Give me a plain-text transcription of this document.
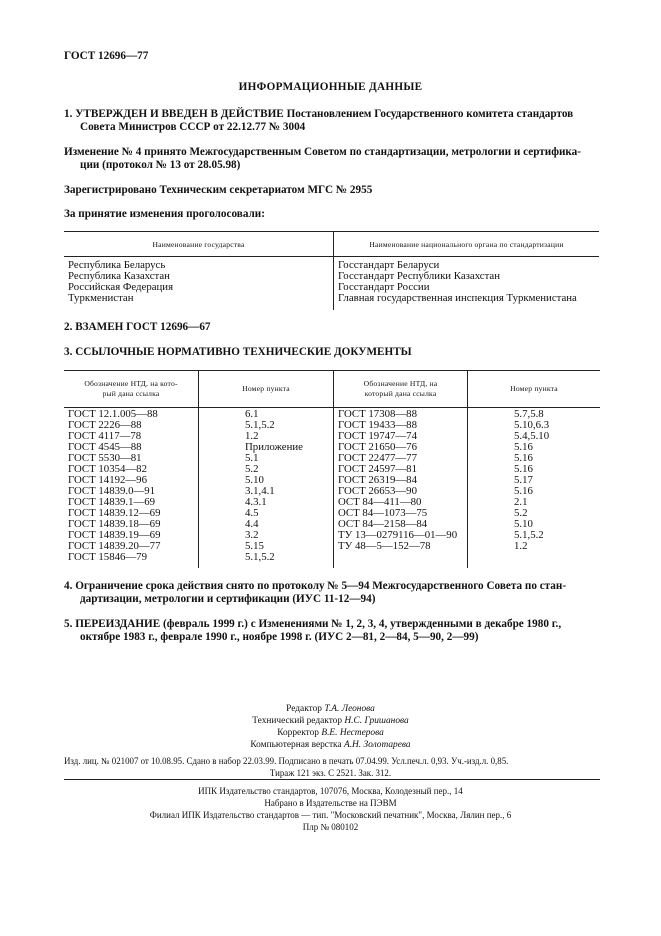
ГОСТ 12696—77
ИНФОРМАЦИОННЫЕ ДАННЫЕ
1. УТВЕРЖДЕН И ВВЕДЕН В ДЕЙСТВИЕ Постановлением Государственного комитета стандартов
Совета Министров СССР от 22.12.77 № 3004
Изменение № 4 принято Межгосударственным Советом по стандартизации, метрологии и сертифика-
ции (протокол № 13 от 28.05.98)
Зарегистрировано Техническим секретариатом МГС № 2955
За принятие изменения проголосовали:
Наименование государства	Наименование национального органа по стандартизации
Республика Беларусь
Республика Казахстан
Российская Федерация
Туркменистан
Госстандарт Беларуси
Госстандарт Республики Казахстан
Госстандарт России
Главная государственная инспекция Туркменистана
2. ВЗАМЕН ГОСТ 12696—67
3. ССЫЛОЧНЫЕ НОРМАТИВНО ТЕХНИЧЕСКИЕ ДОКУМЕНТЫ
Обозначение НТД, на кото-
рый дана ссылка
Номер пункта
Обозначение НТД, на
который дана ссылка
Номер пункта
ГОСТ 12.1.005—88
ГОСТ 2226—88
ГОСТ 4117—78
ГОСТ 4545—88
ГОСТ 5530—81
ГОСТ 10354—82
ГОСТ 14192—96
ГОСТ 14839.0—91
ГОСТ 14839.1—69
ГОСТ 14839.12—69
ГОСТ 14839.18—69
ГОСТ 14839.19—69
ГОСТ 14839.20—77
ГОСТ 15846—79
6.1
5.1,5.2
1.2
Приложение
5.1
5.2
5.10
3.1,4.1
4.3.1
4.5
4.4
3.2
5.15
5.1,5.2
ГОСТ 17308—88
ГОСТ 19433—88
ГОСТ 19747—74
ГОСТ 21650—76
ГОСТ 22477—77
ГОСТ 24597—81
ГОСТ 26319—84
ГОСТ 26653—90
ОСТ 84—411—80
ОСТ 84—1073—75
ОСТ 84—2158—84
ТУ 13—0279116—01—90
ТУ 48—5—152—78
5.7,5.8
5.10,6.3
5.4,5.10
5.16
5.16
5.16
5.17
5.16
2.1
5.2
5.10
5.1,5.2
1.2
4. Ограничение срока действия снято по протоколу № 5—94 Межгосударственного Совета по стан-
дартизации, метрологии и сертификации (ИУС 11-12—94)
5. ПЕРЕИЗДАНИЕ (февраль 1999 г.) с Изменениями № 1, 2, 3, 4, утвержденными в декабре 1980 г.,
октябре 1983 г., феврале 1990 г., ноябре 1998 г. (ИУС 2—81, 2—84, 5—90, 2—99)
Редактор Т.А. Леонова
Технический редактор Н.С. Гришанова
Корректор В.Е. Нестерова
Компьютерная верстка А.Н. Золотарева
Изд. лиц. № 021007 от 10.08.95. Сдано в набор 22.03.99. Подписано в печать 07.04.99. Усл.печ.л. 0,93. Уч.-изд.л. 0,85.
Тираж 121 экз. С 2521. Зак. 312.
ИПК Издательство стандартов, 107076, Москва, Колодезный пер., 14
Набрано в Издательстве на ПЭВМ
Филиал ИПК Издательство стандартов — тип. "Московский печатник", Москва, Лялин пер., 6
Плр № 080102
